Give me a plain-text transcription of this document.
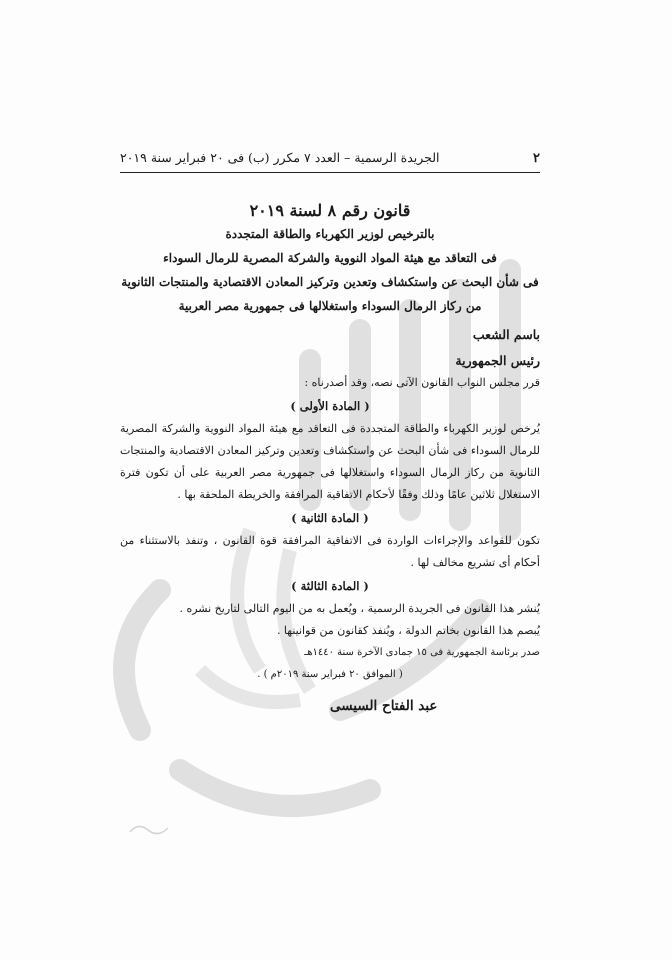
٢
الجريدة الرسمية – العدد ٧ مكرر (ب) فى ٢٠ فبراير سنة ٢٠١٩
قانون رقم ٨ لسنة ٢٠١٩
بالترخيص لوزير الكهرباء والطاقة المتجددة
فى التعاقد مع هيئة المواد النووية والشركة المصرية للرمال السوداء
فى شأن البحث عن واستكشاف وتعدين وتركيز المعادن الاقتصادية والمنتجات الثانوية
من ركاز الرمال السوداء واستغلالها فى جمهورية مصر العربية
باسم الشعب
رئيس الجمهورية

قرر مجلس النواب القانون الآتى نصه، وقد أصدرناه :

( المادة الأولى )

يُرخص لوزير الكهرباء والطاقة المتجددة فى التعاقد مع هيئة المواد النووية والشركة المصرية للرمال السوداء فى شأن البحث عن واستكشاف وتعدين وتركيز المعادن الاقتصادية والمنتجات الثانوية من ركاز الرمال السوداء واستغلالها فى جمهورية مصر العربية على أن تكون فترة الاستغلال ثلاثين عامًا وذلك وفقًا لأحكام الاتفاقية المرافقة والخريطة الملحقة بها .

( المادة الثانية )

تكون للقواعد والإجراءات الواردة فى الاتفاقية المرافقة قوة القانون ، وتنفذ بالاستثناء من أحكام أى تشريع مخالف لها .

( المادة الثالثة )

يُنشر هذا القانون فى الجريدة الرسمية ، ويُعمل به من اليوم التالى لتاريخ نشره .

يُبصم هذا القانون بخاتم الدولة ، ويُنفذ كقانون من قوانينها .

صدر برئاسة الجمهورية فى ١٥ جمادى الآخرة سنة ١٤٤٠هـ
( الموافق ٢٠ فبراير سنة ٢٠١٩م ) .
عبد الفتاح السيسى
